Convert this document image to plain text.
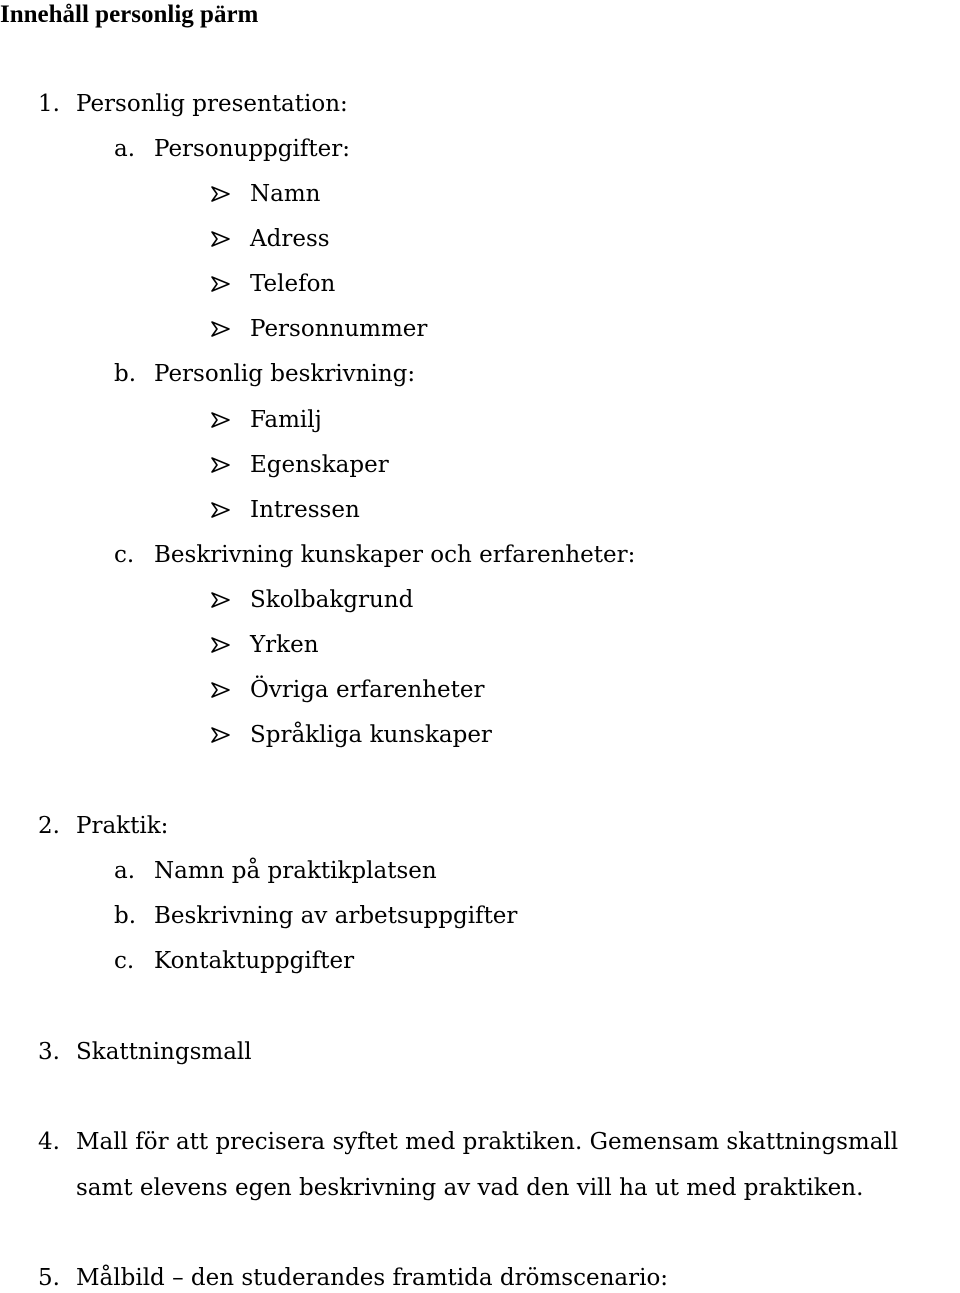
Innehåll personlig pärm
1. Personlig presentation:
a. Personuppgifter:
Namn
Adress
Telefon
Personnummer
b. Personlig beskrivning:
Familj
Egenskaper
Intressen
c. Beskrivning kunskaper och erfarenheter:
Skolbakgrund
Yrken
Övriga erfarenheter
Språkliga kunskaper
2. Praktik:
a. Namn på praktikplatsen
b. Beskrivning av arbetsuppgifter
c. Kontaktuppgifter
3. Skattningsmall
4. Mall för att precisera syftet med praktiken. Gemensam skattningsmall
samt elevens egen beskrivning av vad den vill ha ut med praktiken.
5. Målbild – den studerandes framtida drömscenario:
